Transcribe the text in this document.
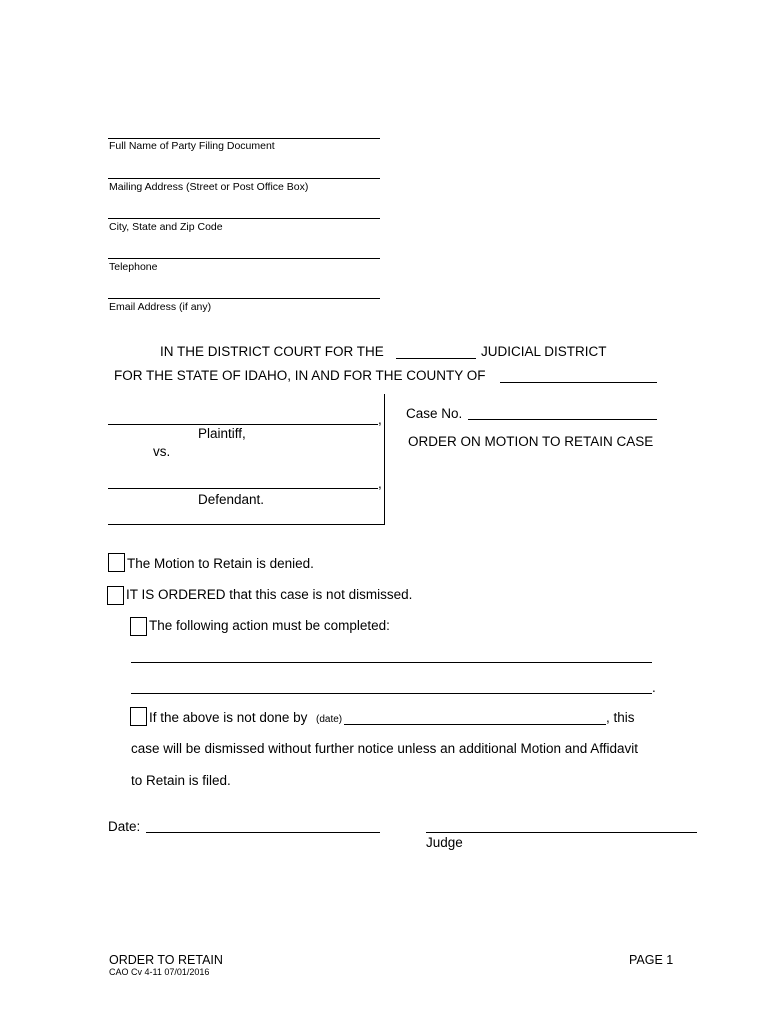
Full Name of Party Filing Document
Mailing Address (Street or Post Office Box)
City, State and Zip Code
Telephone
Email Address (if any)
IN THE DISTRICT COURT FOR THE	JUDICIAL DISTRICT
FOR THE STATE OF IDAHO, IN AND FOR THE COUNTY OF
,
Plaintiff,
vs.
,
Defendant.
Case No.
ORDER ON MOTION TO RETAIN CASE
The Motion to Retain is denied.
IT IS ORDERED that this case is not dismissed.
The following action must be completed:
.
If the above is not done by (date)	, this
case will be dismissed without further notice unless an additional Motion and Affidavit
to Retain is filed.
Date:
Judge
ORDER TO RETAIN
CAO Cv 4-11 07/01/2016
PAGE 1
